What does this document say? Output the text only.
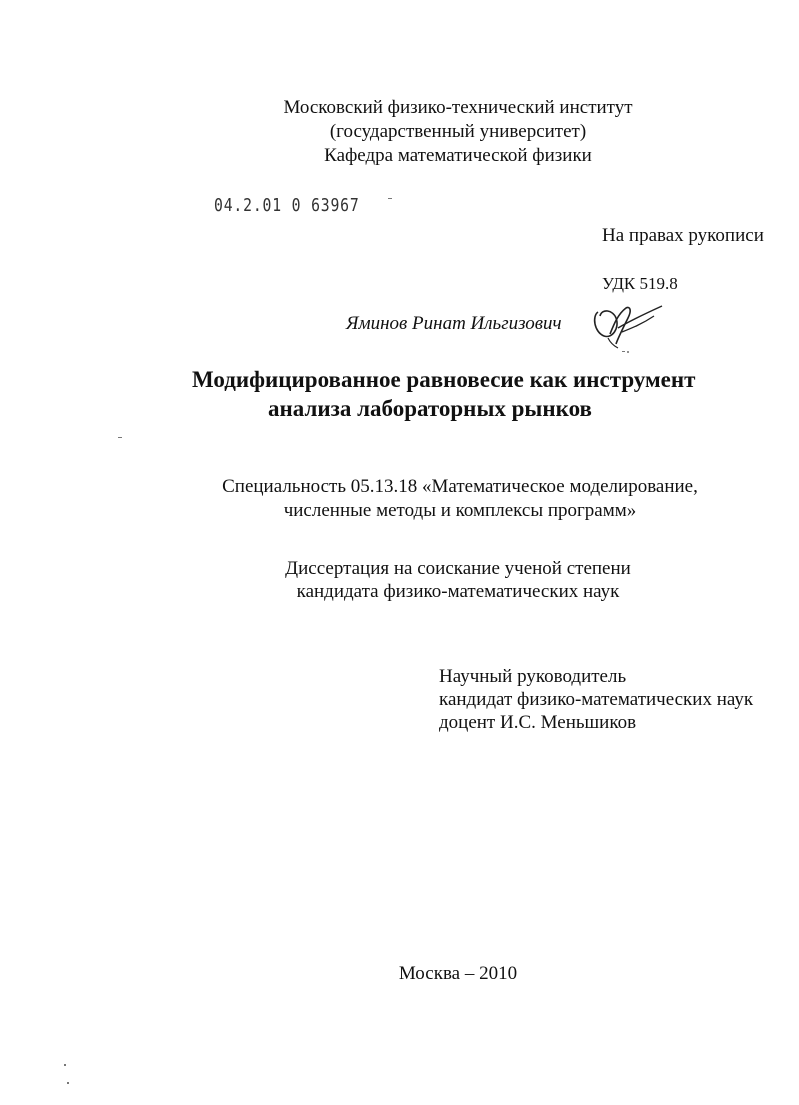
Московский физико-технический институт
(государственный университет)
Кафедра математической физики
04.2.01 0 63967
На правах рукописи
УДК 519.8
Яминов Ринат Ильгизович
Модифицированное равновесие как инструмент
анализа лабораторных рынков
Специальность 05.13.18 «Математическое моделирование,
численные методы и комплексы программ»
Диссертация на соискание ученой степени
кандидата физико-математических наук
Научный руководитель
кандидат физико-математических наук
доцент И.С. Меньшиков
Москва – 2010
